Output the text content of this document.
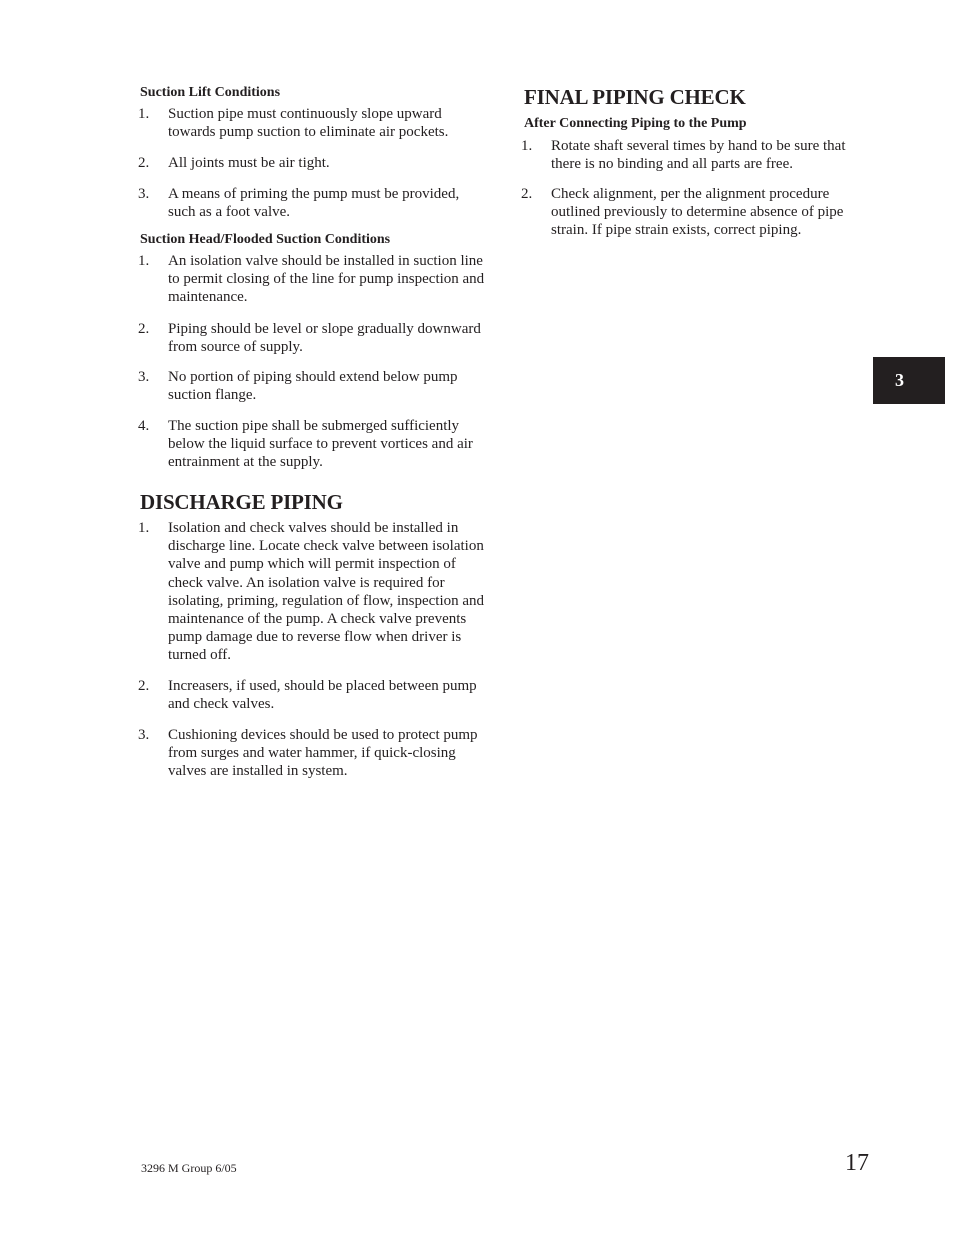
Suction Lift Conditions
1.	Suction pipe must continuously slope upward towards pump suction to eliminate air pockets.
2.	All joints must be air tight.
3.	A means of priming the pump must be provided, such as a foot valve.
Suction Head/Flooded Suction Conditions
1.	An isolation valve should be installed in suction line to permit closing of the line for pump inspection and maintenance.
2.	Piping should be level or slope gradually downward from source of supply.
3.	No portion of piping should extend below pump suction flange.
4.	The suction pipe shall be submerged sufficiently below the liquid surface to prevent vortices and air entrainment at the supply.
DISCHARGE PIPING
1.	Isolation and check valves should be installed in discharge line. Locate check valve between isolation valve and pump which will permit inspection of check valve. An isolation valve is required for isolating, priming, regulation of flow, inspection and maintenance of the pump. A check valve prevents pump damage due to reverse flow when driver is turned off.
2.	Increasers, if used, should be placed between pump and check valves.
3.	Cushioning devices should be used to protect pump from surges and water hammer, if quick-closing valves are installed in system.
FINAL PIPING CHECK
After Connecting Piping to the Pump
1.	Rotate shaft several times by hand to be sure that there is no binding and all parts are free.
2.	Check alignment, per the alignment procedure outlined previously to determine absence of pipe strain. If pipe strain exists, correct piping.
3
3296 M Group 6/05	17
